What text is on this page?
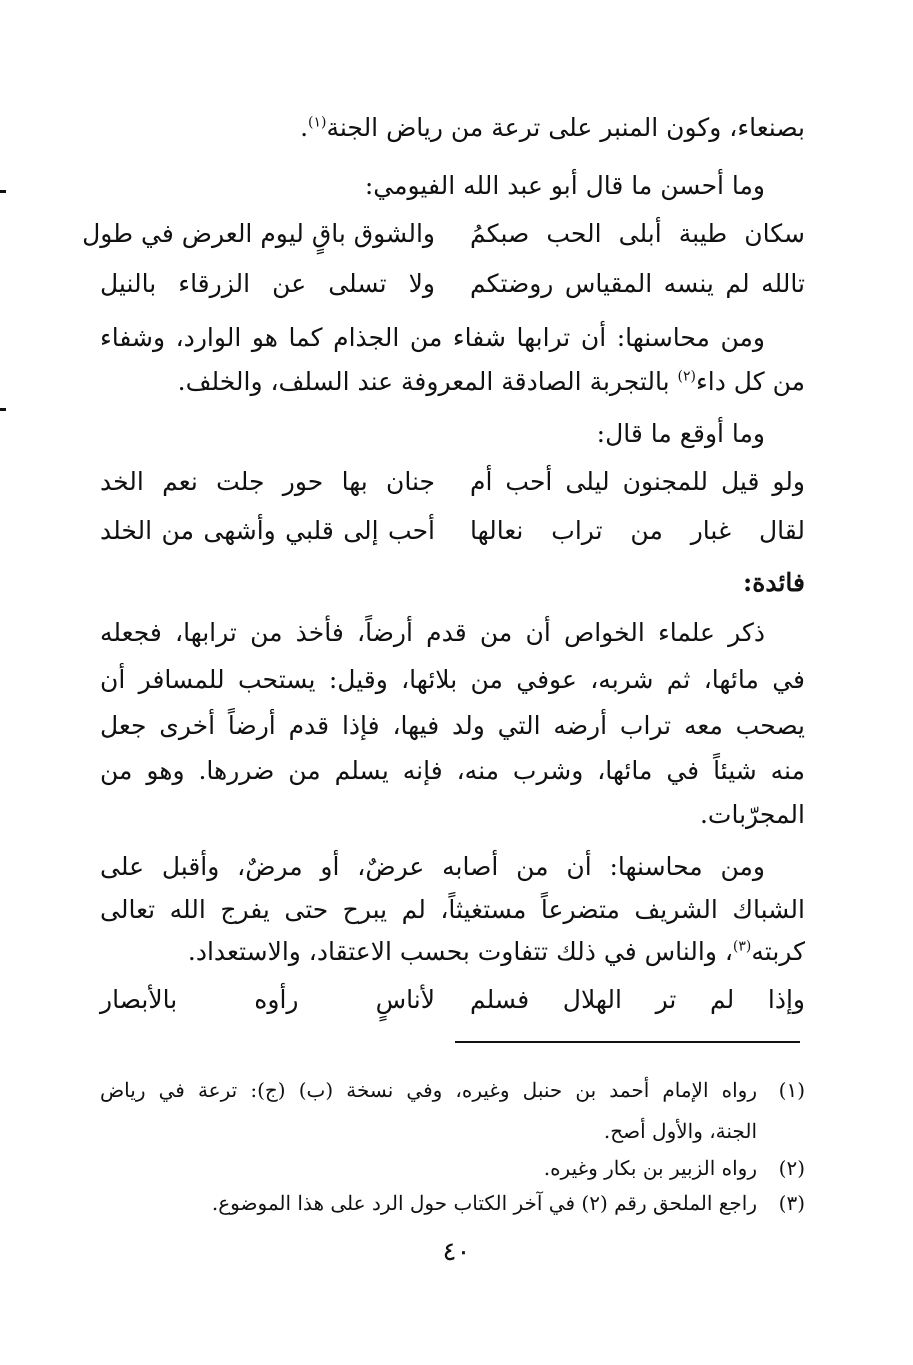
بصنعاء، وكون المنبر على ترعة من رياض الجنة$^{(١)}$.
وما أحسن ما قال أبو عبد الله الفيومي:
سكان طيبة أبلى الحب صبكمُ
والشوق باقٍ ليوم العرض في طول
تالله لم ينسه المقياس روضتكم
ولا تسلى عن الزرقاء بالنيل
ومن محاسنها: أن ترابها شفاء من الجذام كما هو الوارد، وشفاء
من كل داء$^{(٢)}$ بالتجربة الصادقة المعروفة عند السلف، والخلف.
وما أوقع ما قال:
ولو قيل للمجنون ليلى أحب أم
جنان بها حور جلت نعم الخد
لقال غبار من تراب نعالها
أحب إلى قلبي وأشهى من الخلد
فائدة:
ذكر علماء الخواص أن من قدم أرضاً، فأخذ من ترابها، فجعله
في مائها، ثم شربه، عوفي من بلائها، وقيل: يستحب للمسافر أن
يصحب معه تراب أرضه التي ولد فيها، فإذا قدم أرضاً أخرى جعل
منه شيئاً في مائها، وشرب منه، فإنه يسلم من ضررها. وهو من
المجرّبات.
ومن محاسنها: أن من أصابه عرضٌ، أو مرضٌ، وأقبل على
الشباك الشريف متضرعاً مستغيثاً، لم يبرح حتى يفرج الله تعالى
كربته$^{(٣)}$، والناس في ذلك تتفاوت بحسب الاعتقاد، والاستعداد.
وإذا لم تر الهلال فسلم
لأناسٍ رأوه بالأبصار
(١)
رواه الإمام أحمد بن حنبل وغيره، وفي نسخة (ب) (ج): ترعة في رياض
الجنة، والأول أصح.
(٢)
رواه الزبير بن بكار وغيره.
(٣)
راجع الملحق رقم (٢) في آخر الكتاب حول الرد على هذا الموضوع.
٤٠
